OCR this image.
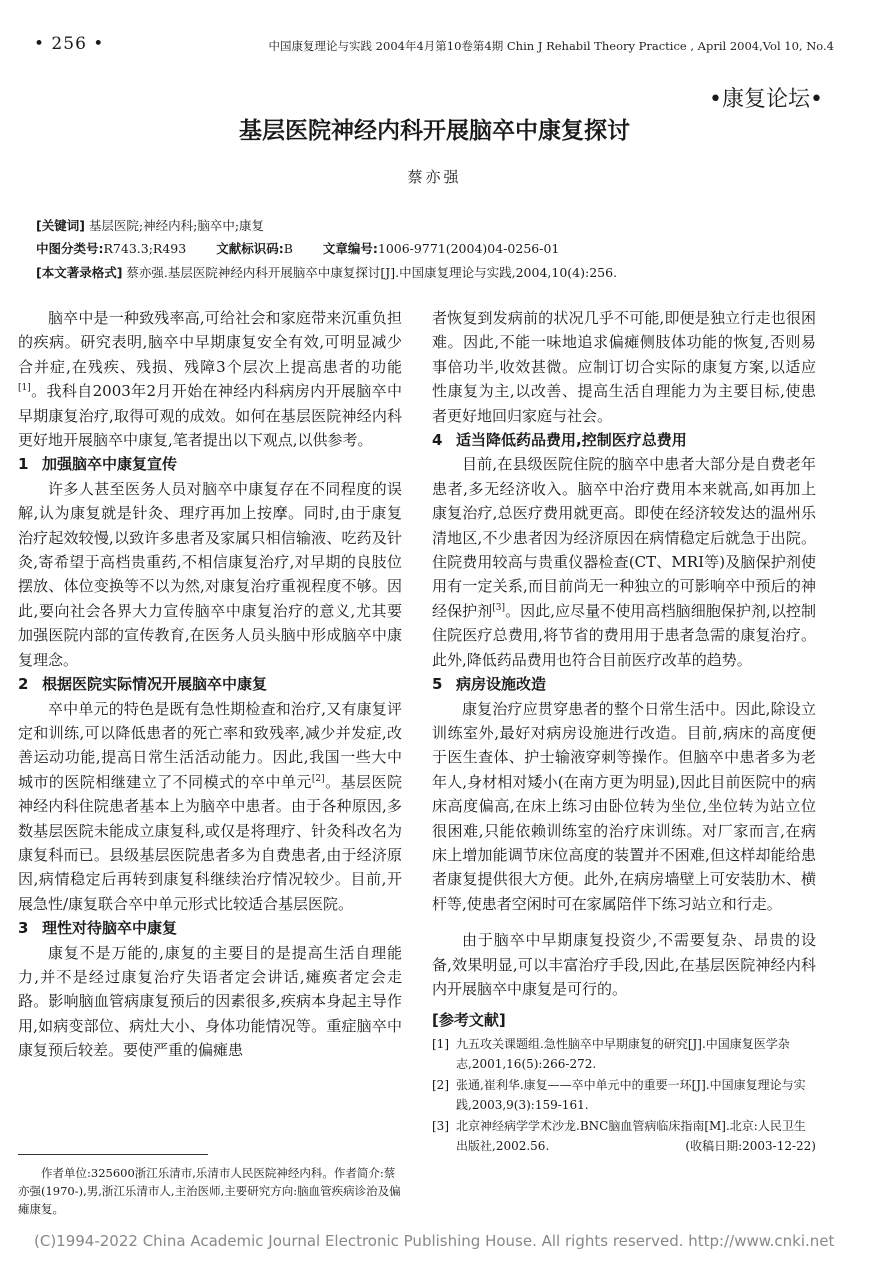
• 256 •	中国康复理论与实践 2004年4月第10卷第4期 Chin J Rehabil Theory Practice , April 2004,Vol 10, No.4
•康复论坛•
基层医院神经内科开展脑卒中康复探讨
蔡亦强
[关键词] 基层医院;神经内科;脑卒中;康复
中图分类号:R743.3;R493 文献标识码:B 文章编号:1006-9771(2004)04-0256-01
[本文著录格式] 蔡亦强.基层医院神经内科开展脑卒中康复探讨[J].中国康复理论与实践,2004,10(4):256.

脑卒中是一种致残率高,可给社会和家庭带来沉重负担的疾病。研究表明,脑卒中早期康复安全有效,可明显减少合并症,在残疾、残损、残障3个层次上提高患者的功能[1]。我科自2003年2月开始在神经内科病房内开展脑卒中早期康复治疗,取得可观的成效。如何在基层医院神经内科更好地开展脑卒中康复,笔者提出以下观点,以供参考。

1 加强脑卒中康复宣传

许多人甚至医务人员对脑卒中康复存在不同程度的误解,认为康复就是针灸、理疗再加上按摩。同时,由于康复治疗起效较慢,以致许多患者及家属只相信输液、吃药及针灸,寄希望于高档贵重药,不相信康复治疗,对早期的良肢位摆放、体位变换等不以为然,对康复治疗重视程度不够。因此,要向社会各界大力宣传脑卒中康复治疗的意义,尤其要加强医院内部的宣传教育,在医务人员头脑中形成脑卒中康复理念。

2 根据医院实际情况开展脑卒中康复

卒中单元的特色是既有急性期检查和治疗,又有康复评定和训练,可以降低患者的死亡率和致残率,减少并发症,改善运动功能,提高日常生活活动能力。因此,我国一些大中城市的医院相继建立了不同模式的卒中单元[2]。基层医院神经内科住院患者基本上为脑卒中患者。由于各种原因,多数基层医院未能成立康复科,或仅是将理疗、针灸科改名为康复科而已。县级基层医院患者多为自费患者,由于经济原因,病情稳定后再转到康复科继续治疗情况较少。目前,开展急性/康复联合卒中单元形式比较适合基层医院。

3 理性对待脑卒中康复

康复不是万能的,康复的主要目的是提高生活自理能力,并不是经过康复治疗失语者定会讲话,瘫痪者定会走路。影响脑血管病康复预后的因素很多,疾病本身起主导作用,如病变部位、病灶大小、身体功能情况等。重症脑卒中康复预后较差。要使严重的偏瘫患

作者单位:325600浙江乐清市,乐清市人民医院神经内科。作者简介:蔡亦强(1970-),男,浙江乐清市人,主治医师,主要研究方向:脑血管疾病诊治及偏瘫康复。

者恢复到发病前的状况几乎不可能,即便是独立行走也很困难。因此,不能一味地追求偏瘫侧肢体功能的恢复,否则易事倍功半,收效甚微。应制订切合实际的康复方案,以适应性康复为主,以改善、提高生活自理能力为主要目标,使患者更好地回归家庭与社会。

4 适当降低药品费用,控制医疗总费用

目前,在县级医院住院的脑卒中患者大部分是自费老年患者,多无经济收入。脑卒中治疗费用本来就高,如再加上康复治疗,总医疗费用就更高。即使在经济较发达的温州乐清地区,不少患者因为经济原因在病情稳定后就急于出院。住院费用较高与贵重仪器检查(CT、MRI等)及脑保护剂使用有一定关系,而目前尚无一种独立的可影响卒中预后的神经保护剂[3]。因此,应尽量不使用高档脑细胞保护剂,以控制住院医疗总费用,将节省的费用用于患者急需的康复治疗。此外,降低药品费用也符合目前医疗改革的趋势。

5 病房设施改造

康复治疗应贯穿患者的整个日常生活中。因此,除设立训练室外,最好对病房设施进行改造。目前,病床的高度便于医生查体、护士输液穿刺等操作。但脑卒中患者多为老年人,身材相对矮小(在南方更为明显),因此目前医院中的病床高度偏高,在床上练习由卧位转为坐位,坐位转为站立位很困难,只能依赖训练室的治疗床训练。对厂家而言,在病床上增加能调节床位高度的装置并不困难,但这样却能给患者康复提供很大方便。此外,在病房墙壁上可安装肋木、横杆等,使患者空闲时可在家属陪伴下练习站立和行走。

由于脑卒中早期康复投资少,不需要复杂、昂贵的设备,效果明显,可以丰富治疗手段,因此,在基层医院神经内科内开展脑卒中康复是可行的。

[参考文献]
[1] 九五攻关课题组.急性脑卒中早期康复的研究[J].中国康复医学杂志,2001,16(5):266-272.
[2] 张通,崔利华.康复——卒中单元中的重要一环[J].中国康复理论与实践,2003,9(3):159-161.
[3] 北京神经病学学术沙龙.BNC脑血管病临床指南[M].北京:人民卫生出版社,2002.56.	(收稿日期:2003-12-22)
(C)1994-2022 China Academic Journal Electronic Publishing House. All rights reserved. http://www.cnki.net
